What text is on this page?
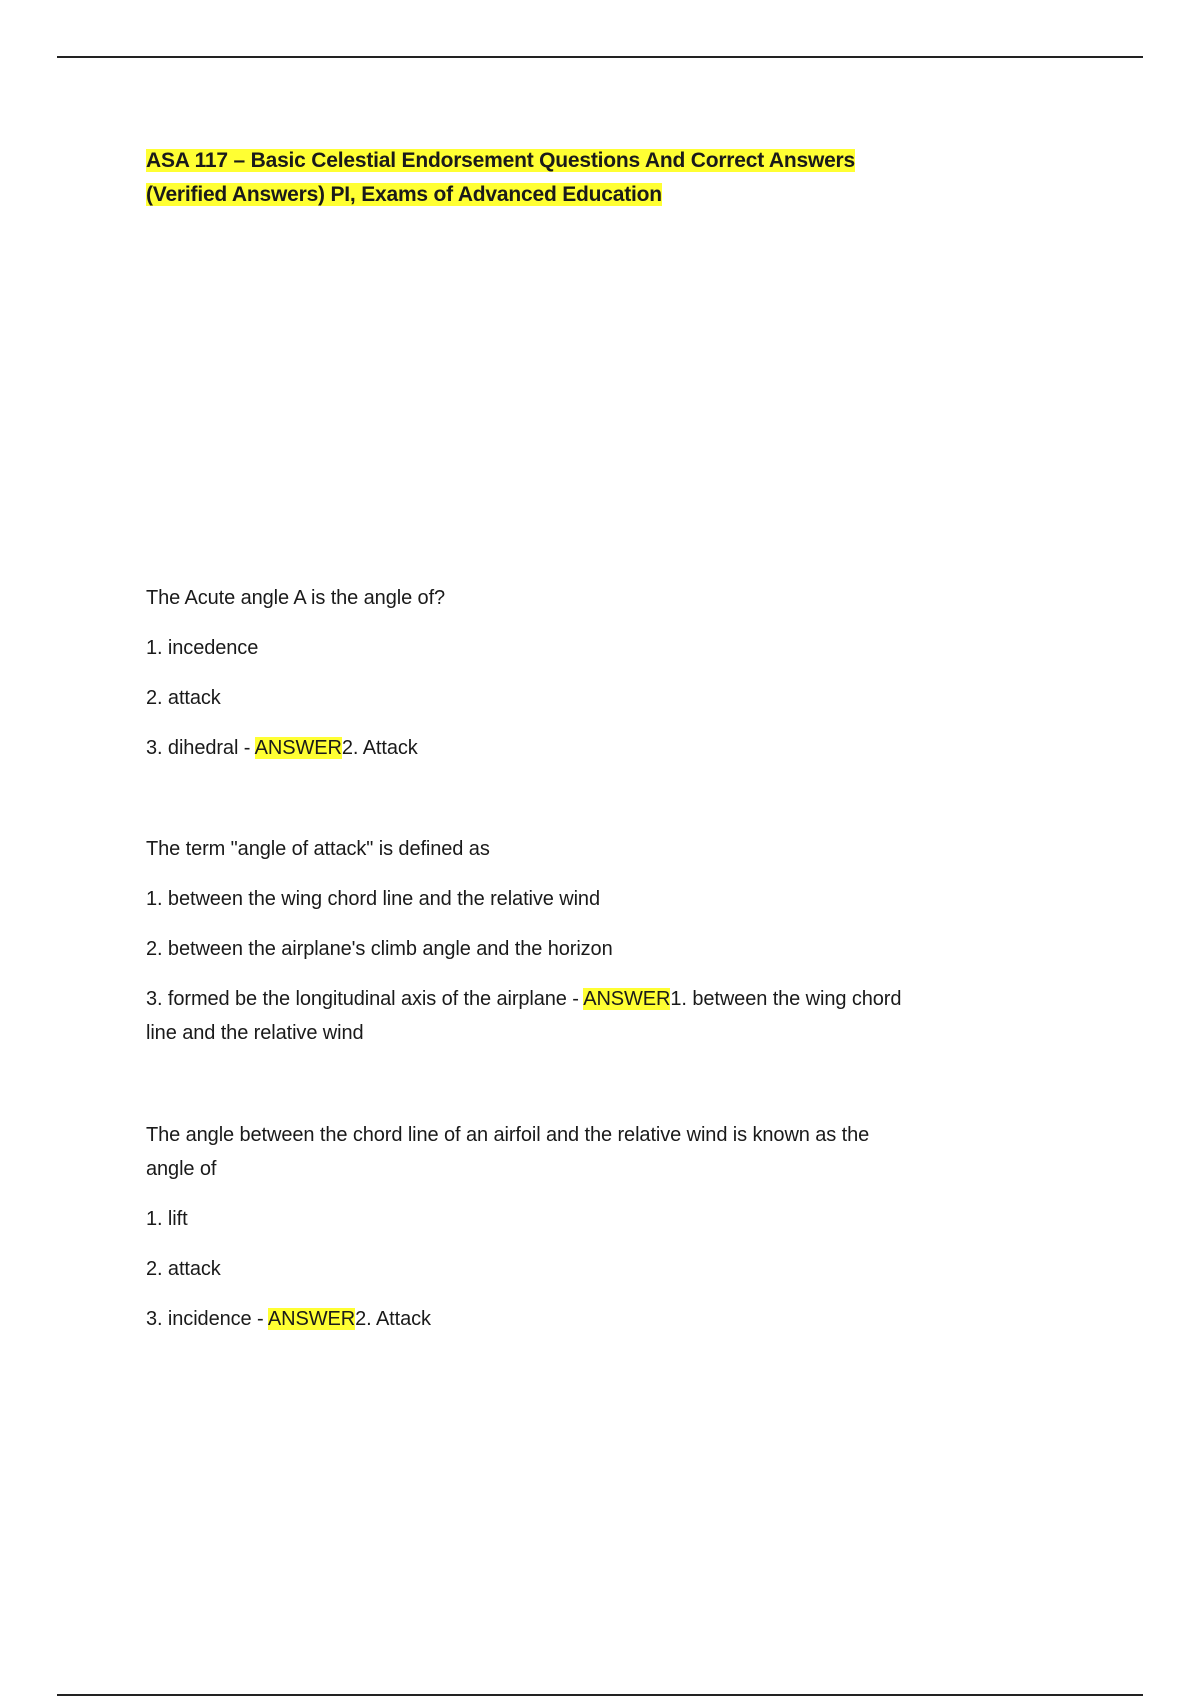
ASA 117 – Basic Celestial Endorsement Questions And Correct Answers
(Verified Answers) PI, Exams of Advanced Education

The Acute angle A is the angle of?

1. incedence

2. attack

3. dihedral - ANSWER2. Attack

The term "angle of attack" is defined as

1. between the wing chord line and the relative wind

2. between the airplane's climb angle and the horizon

3. formed be the longitudinal axis of the airplane - ANSWER1. between the wing chord line and the relative wind

The angle between the chord line of an airfoil and the relative wind is known as the angle of

1. lift

2. attack

3. incidence - ANSWER2. Attack
